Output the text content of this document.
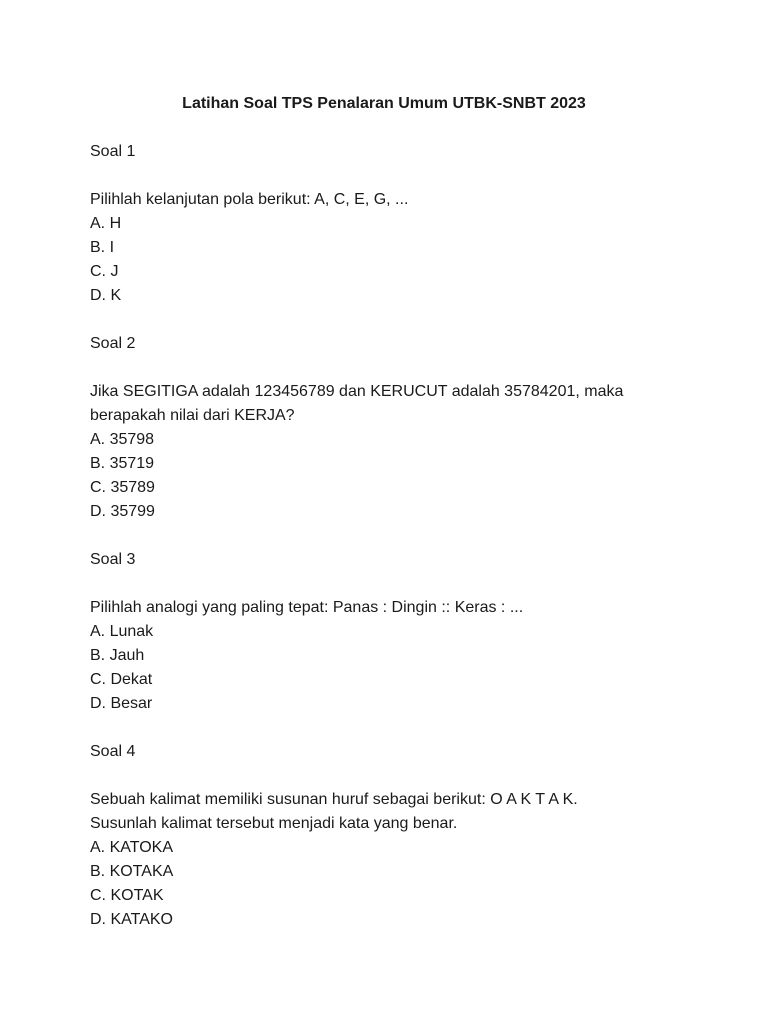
Latihan Soal TPS Penalaran Umum UTBK-SNBT 2023

Soal 1

Pilihlah kelanjutan pola berikut: A, C, E, G, ...
A. H
B. I
C. J
D. K

Soal 2

Jika SEGITIGA adalah 123456789 dan KERUCUT adalah 35784201, maka
berapakah nilai dari KERJA?
A. 35798
B. 35719
C. 35789
D. 35799

Soal 3

Pilihlah analogi yang paling tepat: Panas : Dingin :: Keras : ...
A. Lunak
B. Jauh
C. Dekat
D. Besar

Soal 4

Sebuah kalimat memiliki susunan huruf sebagai berikut: O A K T A K.
Susunlah kalimat tersebut menjadi kata yang benar.
A. KATOKA
B. KOTAKA
C. KOTAK
D. KATAKO
